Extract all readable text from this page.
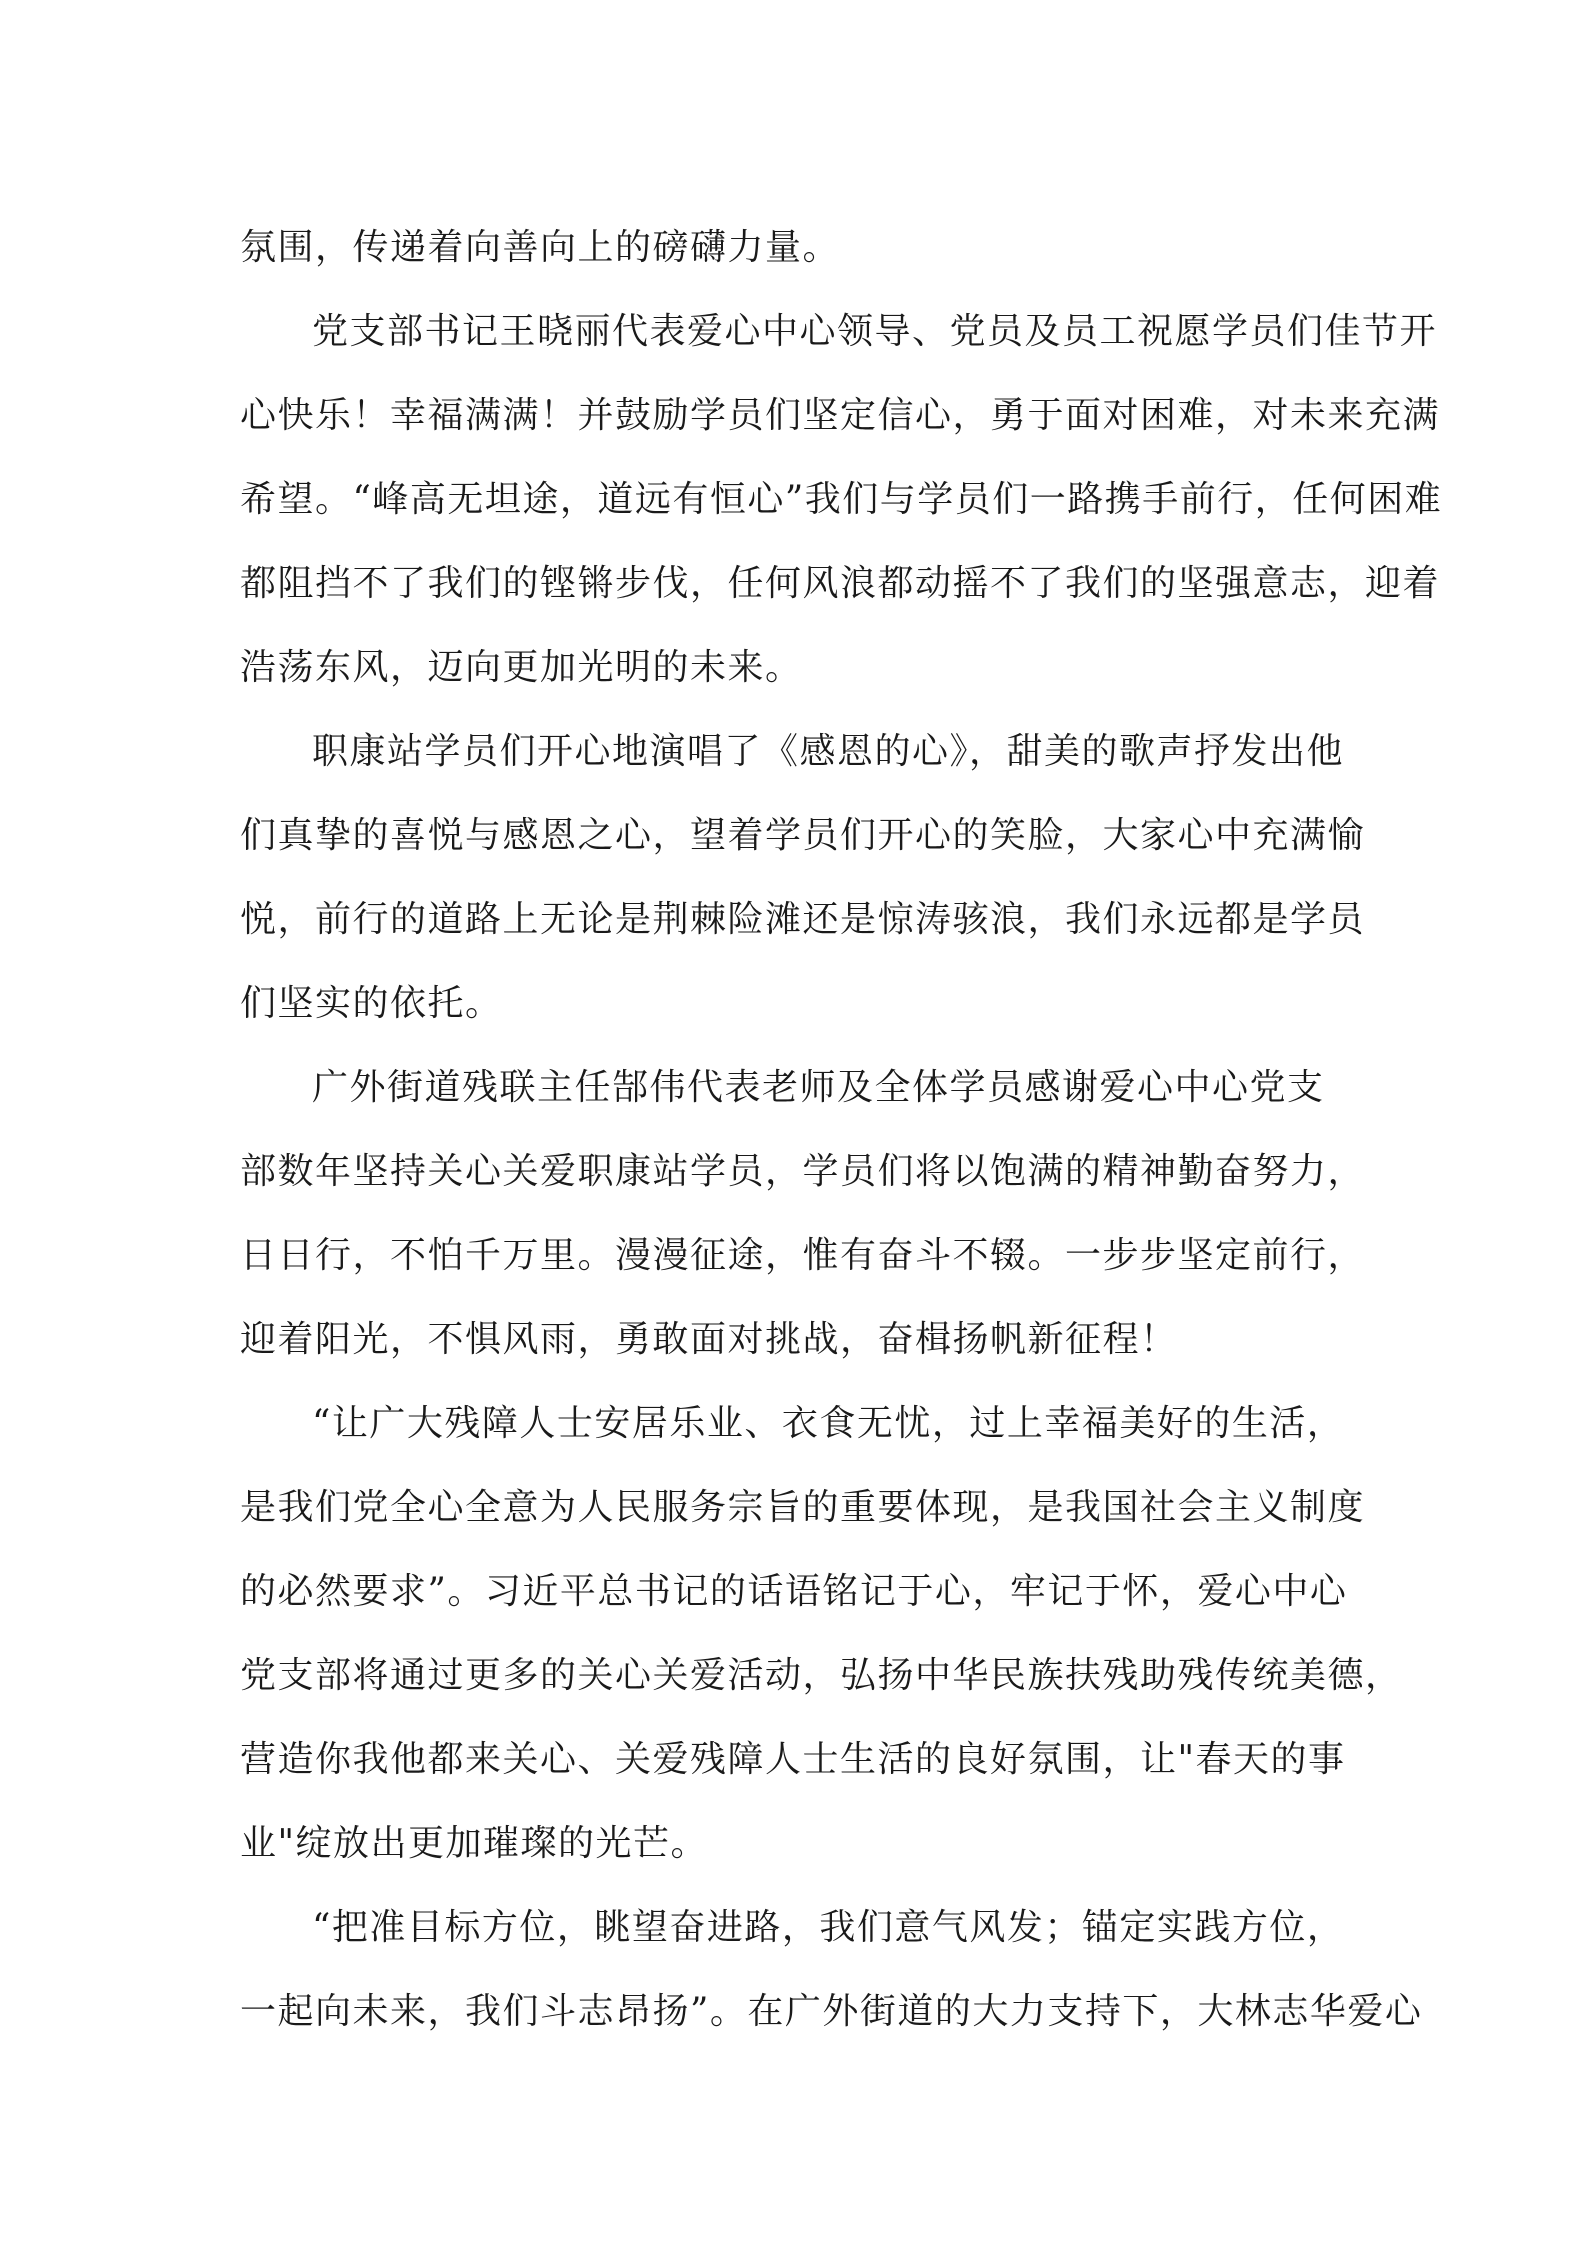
氛围，传递着向善向上的磅礴力量。
党支部书记王晓丽代表爱心中心领导、党员及员工祝愿学员们佳节开
心快乐！幸福满满！并鼓励学员们坚定信心，勇于面对困难，对未来充满
希望。“峰高无坦途，道远有恒心”我们与学员们一路携手前行，任何困难
都阻挡不了我们的铿锵步伐，任何风浪都动摇不了我们的坚强意志，迎着
浩荡东风，迈向更加光明的未来。
职康站学员们开心地演唱了《感恩的心》，甜美的歌声抒发出他
们真挚的喜悦与感恩之心，望着学员们开心的笑脸，大家心中充满愉
悦，前行的道路上无论是荆棘险滩还是惊涛骇浪，我们永远都是学员
们坚实的依托。
广外街道残联主任郜伟代表老师及全体学员感谢爱心中心党支
部数年坚持关心关爱职康站学员，学员们将以饱满的精神勤奋努力，
日日行，不怕千万里。漫漫征途，惟有奋斗不辍。一步步坚定前行，
迎着阳光，不惧风雨，勇敢面对挑战，奋楫扬帆新征程！
“让广大残障人士安居乐业、衣食无忧，过上幸福美好的生活，
是我们党全心全意为人民服务宗旨的重要体现，是我国社会主义制度
的必然要求”。习近平总书记的话语铭记于心，牢记于怀，爱心中心
党支部将通过更多的关心关爱活动，弘扬中华民族扶残助残传统美德，
营造你我他都来关心、关爱残障人士生活的良好氛围，让"春天的事
业"绽放出更加璀璨的光芒。
“把准目标方位，眺望奋进路，我们意气风发；锚定实践方位，
一起向未来，我们斗志昂扬”。在广外街道的大力支持下，大林志华爱心
